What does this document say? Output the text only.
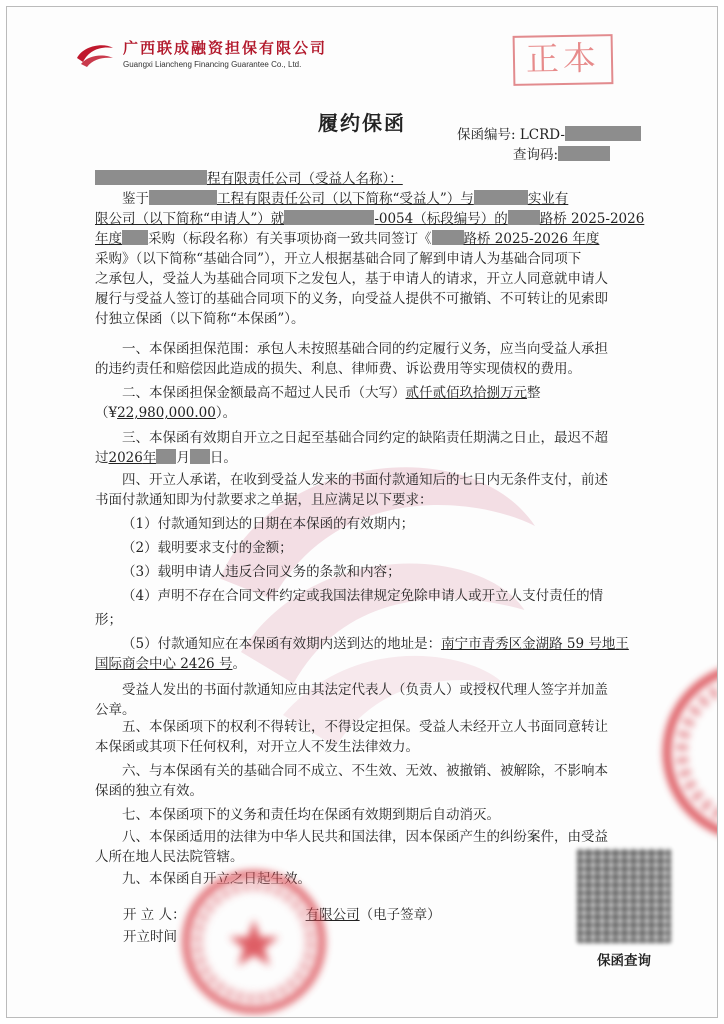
广西联成融资担保有限公司
Guangxi Liancheng Financing Guarantee Co., Ltd.	正本
履约保函	保函编号: LCRD-
查询码:
程有限责任公司（受益人名称）：
鉴于	工程有限责任公司（以下简称“受益人”）与	实业有
限公司（以下简称“申请人”）就	-0054（标段编号）的 路桥 2025-2026
年度 采购（标段名称）有关事项协商一致共同签订《 路桥 2025-2026 年度
采购》（以下简称“基础合同”），开立人根据基础合同了解到申请人为基础合同项下
之承包人，受益人为基础合同项下之发包人，基于申请人的请求，开立人同意就申请人
履行与受益人签订的基础合同项下的义务，向受益人提供不可撤销、不可转让的见索即
付独立保函（以下简称“本保函”）。
一、本保函担保范围：承包人未按照基础合同的约定履行义务，应当向受益人承担
的违约责任和赔偿因此造成的损失、利息、律师费、诉讼费用等实现债权的费用。
二、本保函担保金额最高不超过人民币（大写）贰仟贰佰玖拾捌万元整
（¥22,980,000.00）。
三、本保函有效期自开立之日起至基础合同约定的缺陷责任期满之日止，最迟不超
过2026年 月 日。
四、开立人承诺，在收到受益人发来的书面付款通知后的七日内无条件支付，前述
书面付款通知即为付款要求之单据，且应满足以下要求：
（1）付款通知到达的日期在本保函的有效期内；
（2）载明要求支付的金额；
（3）载明申请人违反合同义务的条款和内容；
（4）声明不存在合同文件约定或我国法律规定免除申请人或开立人支付责任的情
形；
（5）付款通知应在本保函有效期内送到达的地址是：南宁市青秀区金湖路 59 号地王
国际商会中心 2426 号。
受益人发出的书面付款通知应由其法定代表人（负责人）或授权代理人签字并加盖
公章。
五、本保函项下的权利不得转让，不得设定担保。受益人未经开立人书面同意转让
本保函或其项下任何权利，对开立人不发生法律效力。
六、与本保函有关的基础合同不成立、不生效、无效、被撤销、被解除，不影响本
保函的独立有效。
七、本保函项下的义务和责任均在保函有效期到期后自动消灭。
八、本保函适用的法律为中华人民共和国法律，因本保函产生的纠纷案件，由受益
人所在地人民法院管辖。
九、本保函自开立之日起生效。
开 立 人：	有限公司（电子签章）
开立时间
保函查询
